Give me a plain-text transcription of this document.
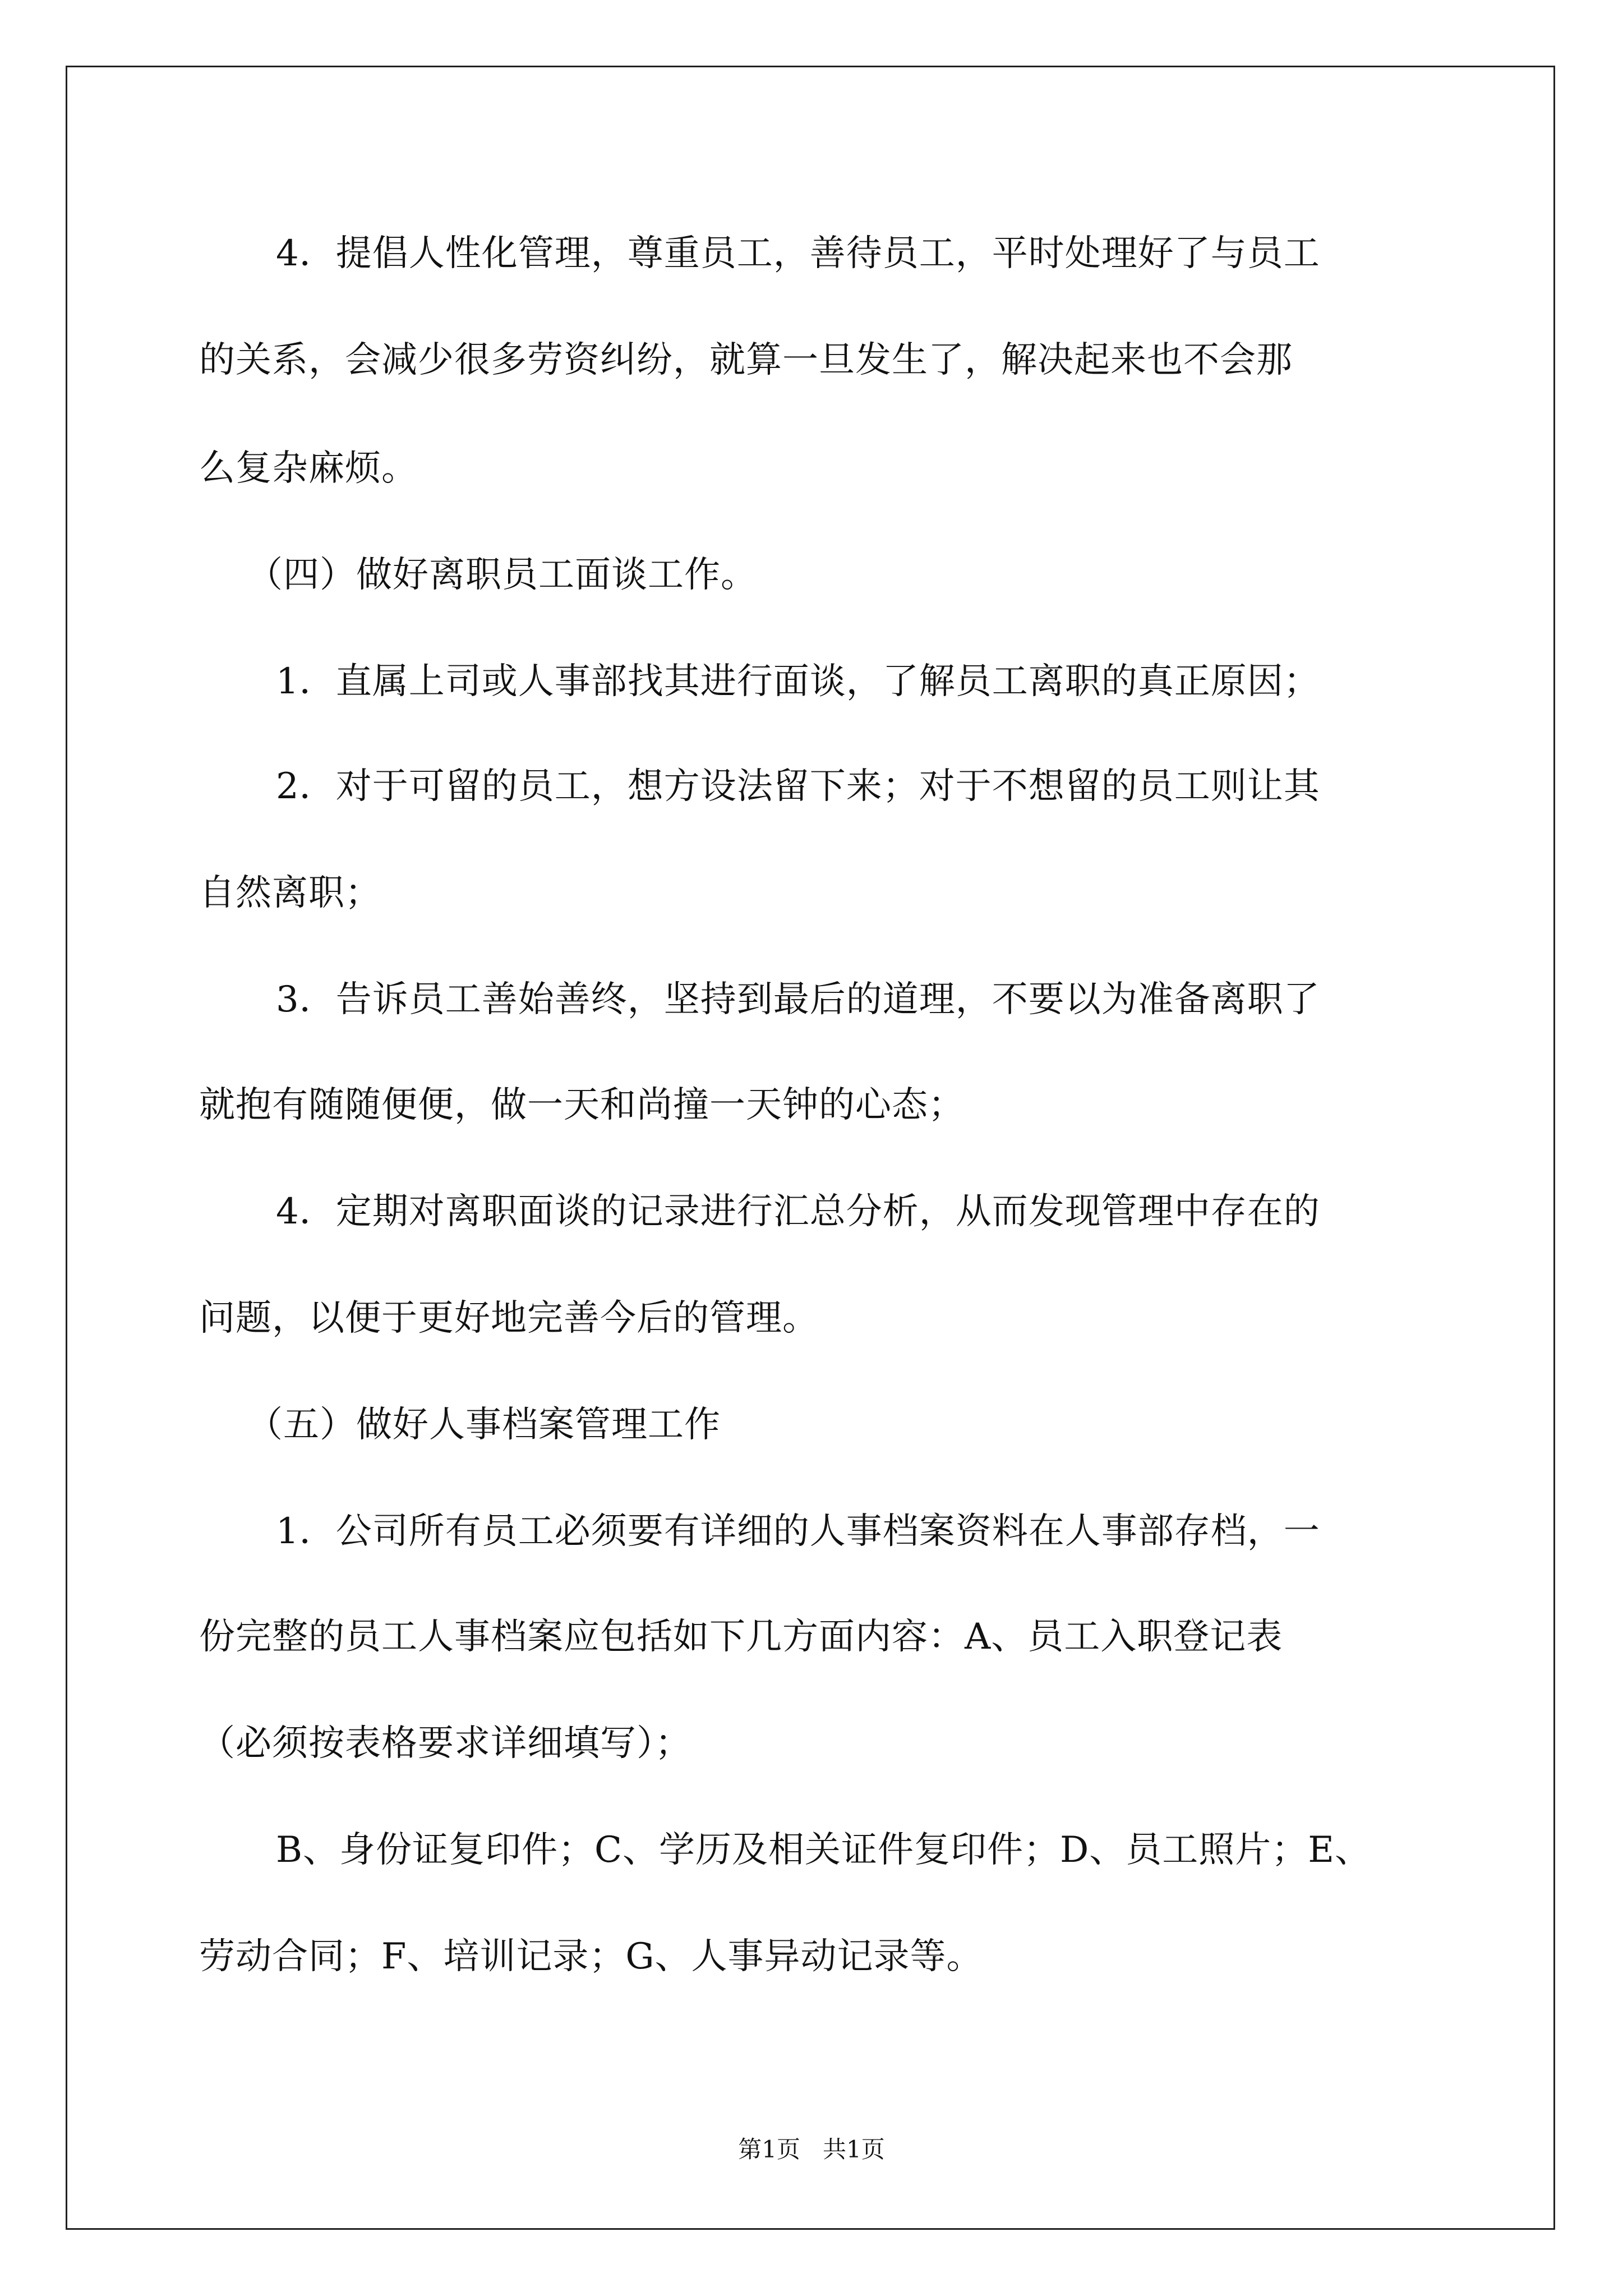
4．提倡人性化管理，尊重员工，善待员工，平时处理好了与员工
的关系，会减少很多劳资纠纷，就算一旦发生了，解决起来也不会那
么复杂麻烦。
（四）做好离职员工面谈工作。
1．直属上司或人事部找其进行面谈，了解员工离职的真正原因；
2．对于可留的员工，想方设法留下来；对于不想留的员工则让其
自然离职；
3．告诉员工善始善终，坚持到最后的道理，不要以为准备离职了
就抱有随随便便，做一天和尚撞一天钟的心态；
4．定期对离职面谈的记录进行汇总分析，从而发现管理中存在的
问题，以便于更好地完善今后的管理。
（五）做好人事档案管理工作
1．公司所有员工必须要有详细的人事档案资料在人事部存档，一
份完整的员工人事档案应包括如下几方面内容：A、员工入职登记表
（必须按表格要求详细填写）；
B、身份证复印件；C、学历及相关证件复印件；D、员工照片；E、
劳动合同；F、培训记录；G、人事异动记录等。
第1页   共1页
